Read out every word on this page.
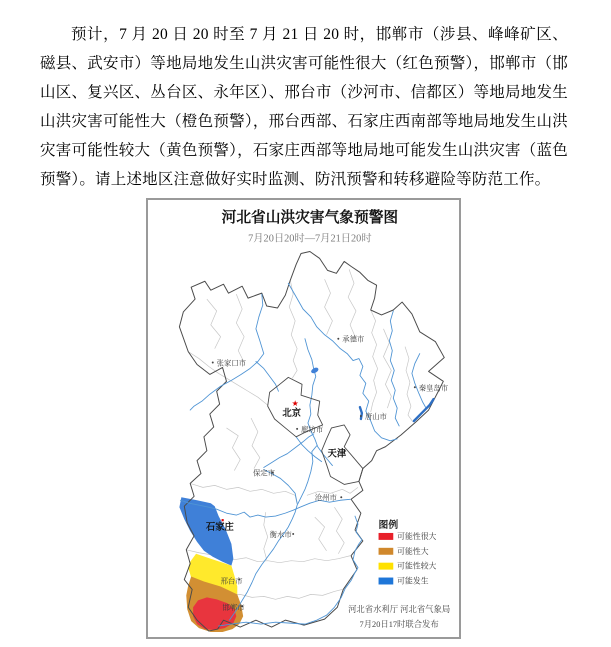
预计，7 月 20 日 20 时至 7 月 21 日 20 时，邯郸市（涉县、峰峰矿区、磁县、武安市）等地局地发生山洪灾害可能性很大（红色预警），邯郸市（邯山区、复兴区、丛台区、永年区）、邢台市（沙河市、信都区）等地局地发生山洪灾害可能性大（橙色预警），邢台西部、石家庄西南部等地局地发生山洪灾害可能性较大（黄色预警），石家庄西部等地局地可能发生山洪灾害（蓝色预警）。请上述地区注意做好实时监测、防汛预警和转移避险等防范工作。

河北省山洪灾害气象预警图
7月20日20时—7月21日20时
承德市
张家口市
秦皇岛市
唐山市
廊坊市
保定市
沧州市
衡水市
邢台市
邯郸市
★
北京
天津
石家庄	图例
可能性很大
可能性大
可能性较大
可能发生
河北省水利厅 河北省气象局
7月20日17时联合发布
